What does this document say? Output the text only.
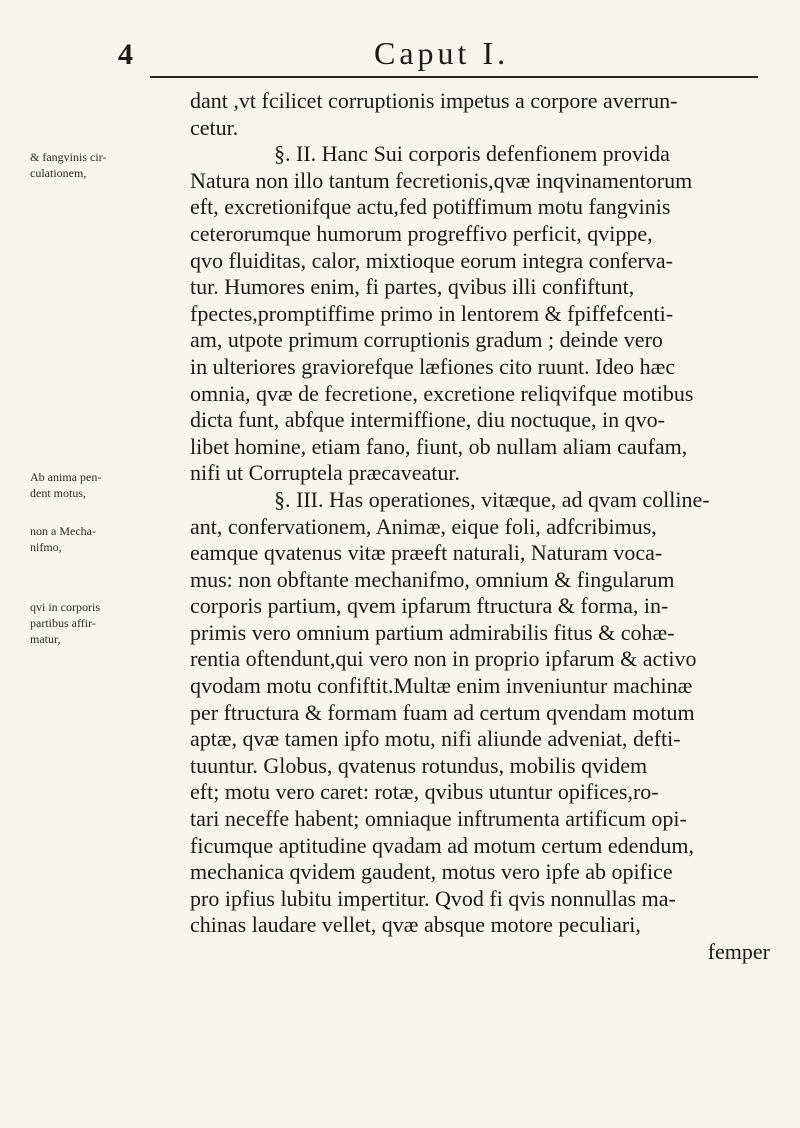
4	Caput I.
dant ,vt fcilicet corruptionis impetus a corpore averrun-
cetur.
§. II. Hanc Sui corporis defenfionem provida
Natura non illo tantum fecretionis,qvæ inqvinamentorum
eft, excretionifque actu,fed potiffimum motu fangvinis
ceterorumque humorum progreffivo perficit, qvippe,
qvo fluiditas, calor, mixtioque eorum integra conferva-
tur. Humores enim, fi partes, qvibus illi confiftunt,
fpectes,promptiffime primo in lentorem & fpiffefcenti-
am, utpote primum corruptionis gradum ; deinde vero
in ulteriores graviorefque læfiones cito ruunt. Ideo hæc
omnia, qvæ de fecretione, excretione reliqvifque motibus
dicta funt, abfque intermiffione, diu noctuque, in qvo-
libet homine, etiam fano, fiunt, ob nullam aliam caufam,
nifi ut Corruptela præcaveatur.
§. III. Has operationes, vitæque, ad qvam colline-
ant, confervationem, Animæ, eique foli, adfcribimus,
eamque qvatenus vitæ præeft naturali, Naturam voca-
mus: non obftante mechanifmo, omnium & fingularum
corporis partium, qvem ipfarum ftructura & forma, in-
primis vero omnium partium admirabilis fitus & cohæ-
rentia oftendunt,qui vero non in proprio ipfarum & activo
qvodam motu confiftit.Multæ enim inveniuntur machinæ
per ftructura & formam fuam ad certum qvendam motum
aptæ, qvæ tamen ipfo motu, nifi aliunde adveniat, defti-
tuuntur. Globus, qvatenus rotundus, mobilis qvidem
eft; motu vero caret: rotæ, qvibus utuntur opifices,ro-
tari neceffe habent; omniaque inftrumenta artificum opi-
ficumque aptitudine qvadam ad motum certum edendum,
mechanica qvidem gaudent, motus vero ipfe ab opifice
pro ipfius lubitu impertitur. Qvod fi qvis nonnullas ma-
chinas laudare vellet, qvæ absque motore peculiari,
femper
& fangvinis cir-
culationem,
Ab anima pen-
dent motus,
non a Mecha-
nifmo,
qvi in corporis
partibus affir-
matur,
